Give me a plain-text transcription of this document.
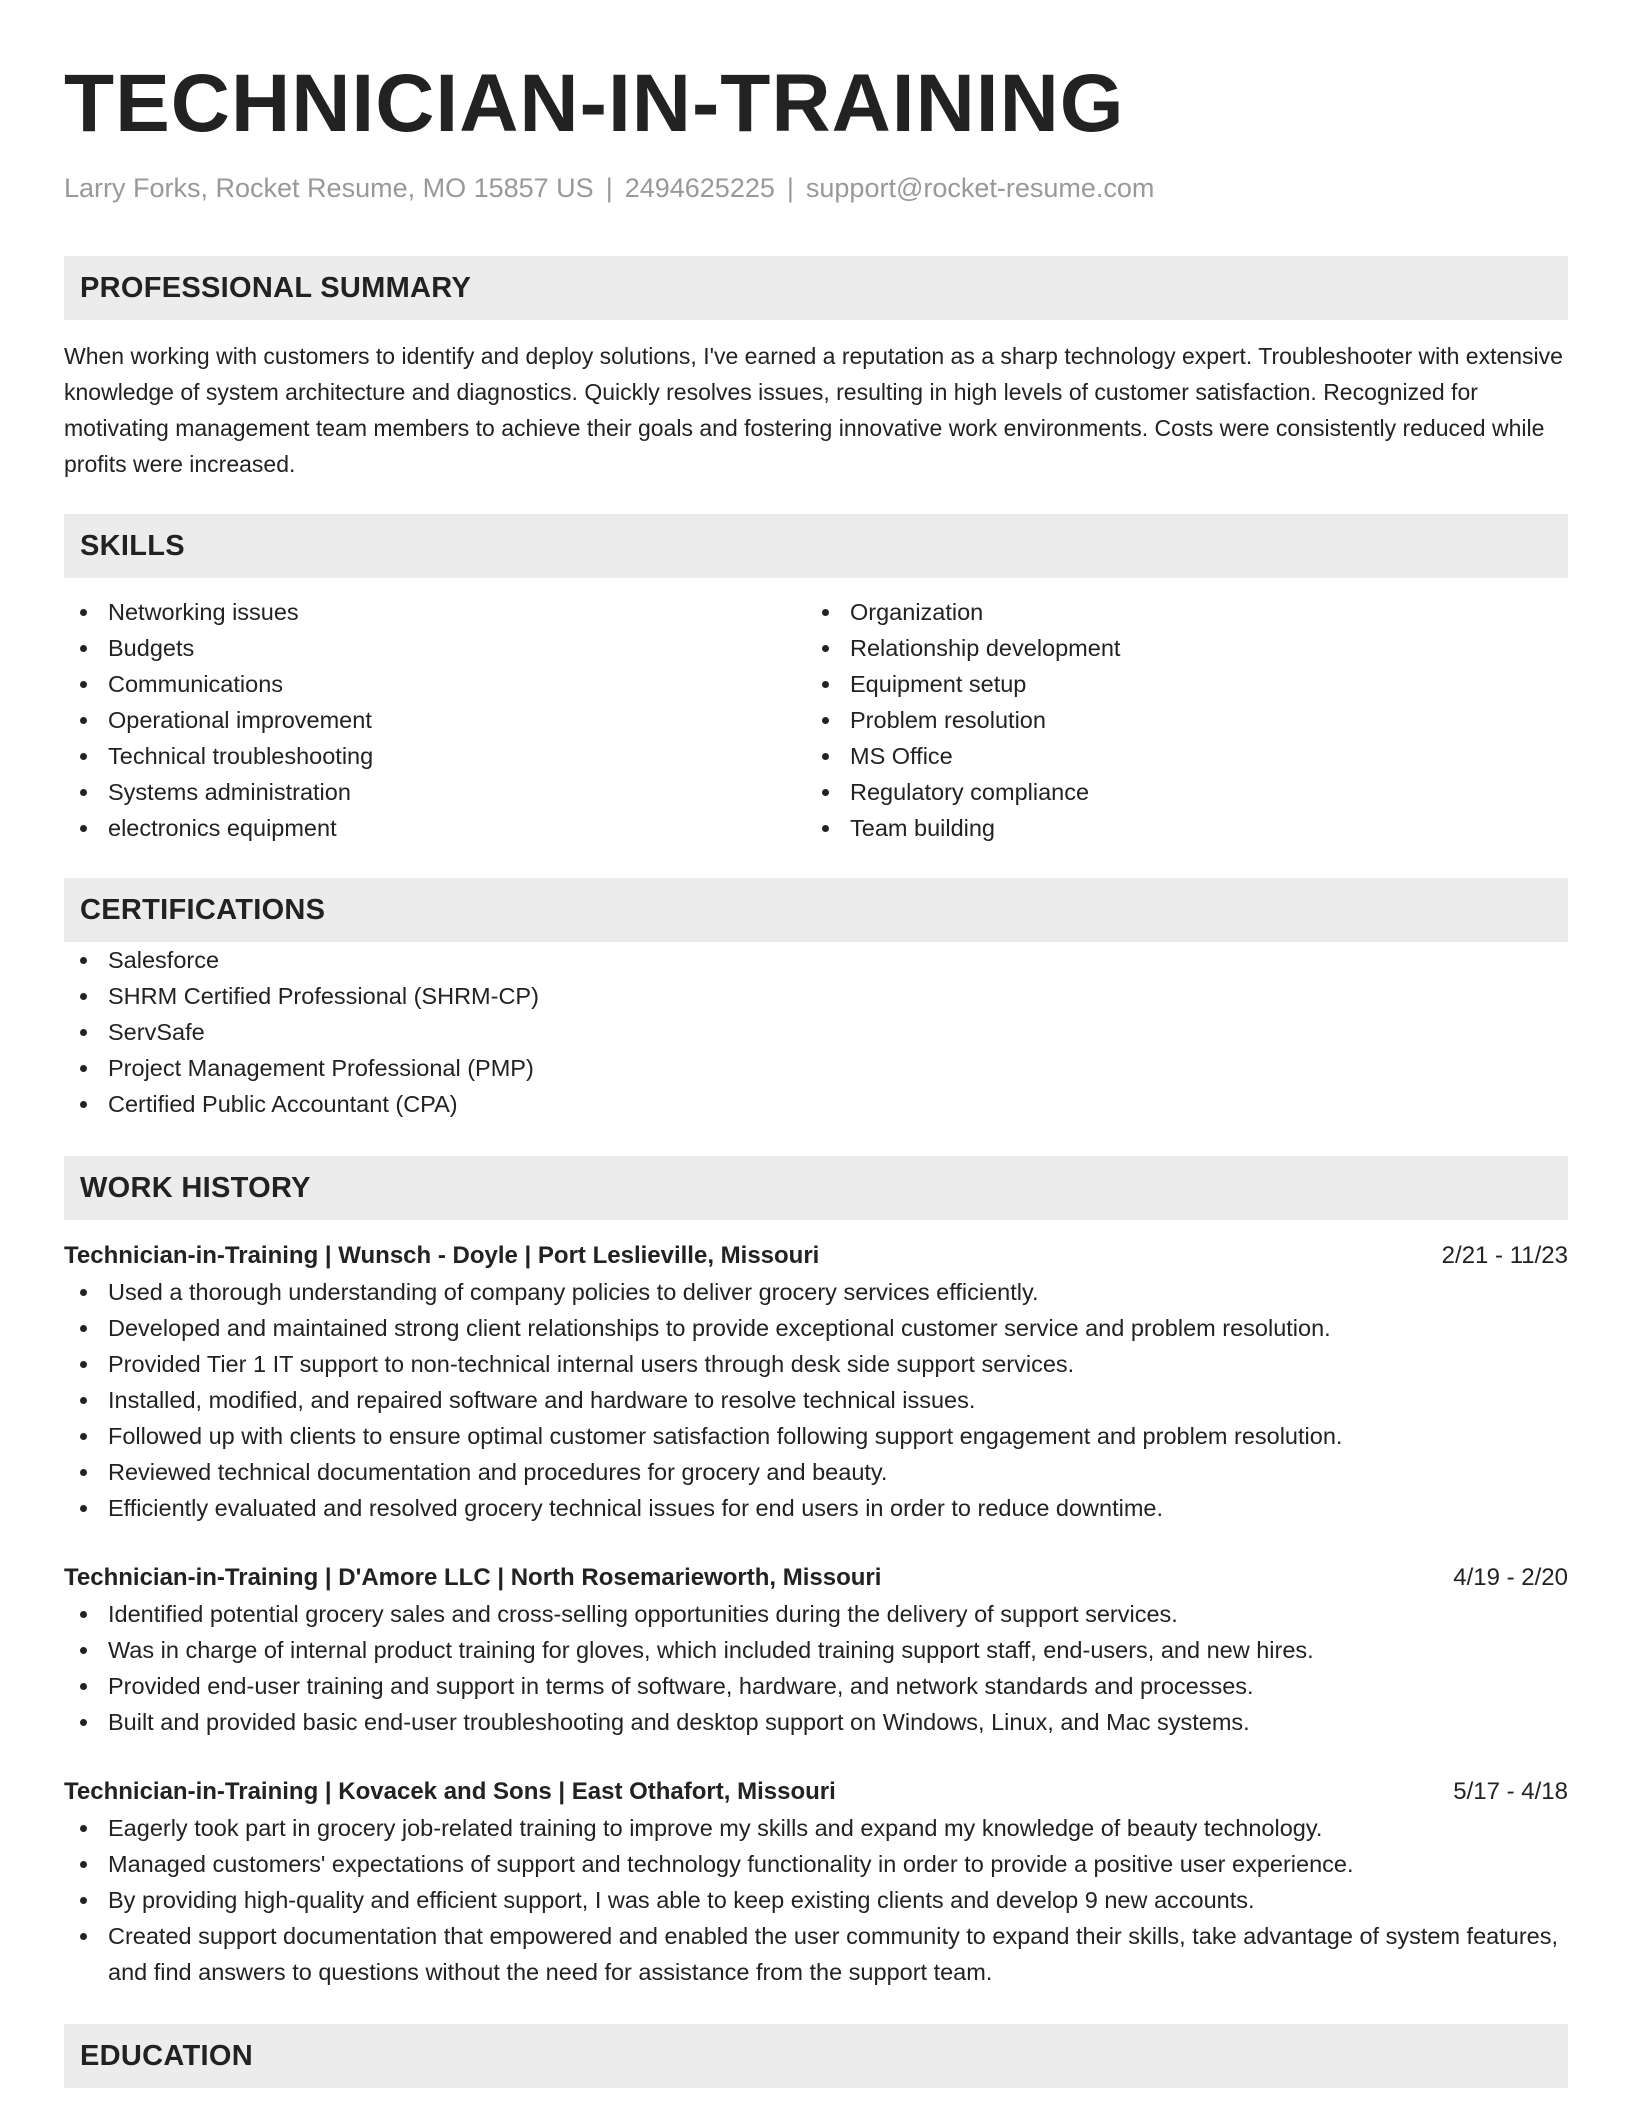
TECHNICIAN-IN-TRAINING
Larry Forks, Rocket Resume, MO 15857 US | 2494625225 | support@rocket-resume.com
PROFESSIONAL SUMMARY

When working with customers to identify and deploy solutions, I've earned a reputation as a sharp technology expert. Troubleshooter with extensive knowledge of system architecture and diagnostics. Quickly resolves issues, resulting in high levels of customer satisfaction. Recognized for motivating management team members to achieve their goals and fostering innovative work environments. Costs were consistently reduced while profits were increased.

SKILLS
Networking issues
Budgets
Communications
Operational improvement
Technical troubleshooting
Systems administration
electronics equipment
Organization
Relationship development
Equipment setup
Problem resolution
MS Office
Regulatory compliance
Team building
CERTIFICATIONS
Salesforce
SHRM Certified Professional (SHRM-CP)
ServSafe
Project Management Professional (PMP)
Certified Public Accountant (CPA)
WORK HISTORY
Technician-in-Training | Wunsch - Doyle | Port Leslieville, Missouri	2/21 - 11/23
Used a thorough understanding of company policies to deliver grocery services efficiently.
Developed and maintained strong client relationships to provide exceptional customer service and problem resolution.
Provided Tier 1 IT support to non-technical internal users through desk side support services.
Installed, modified, and repaired software and hardware to resolve technical issues.
Followed up with clients to ensure optimal customer satisfaction following support engagement and problem resolution.
Reviewed technical documentation and procedures for grocery and beauty.
Efficiently evaluated and resolved grocery technical issues for end users in order to reduce downtime.
Technician-in-Training | D'Amore LLC | North Rosemarieworth, Missouri	4/19 - 2/20
Identified potential grocery sales and cross-selling opportunities during the delivery of support services.
Was in charge of internal product training for gloves, which included training support staff, end-users, and new hires.
Provided end-user training and support in terms of software, hardware, and network standards and processes.
Built and provided basic end-user troubleshooting and desktop support on Windows, Linux, and Mac systems.
Technician-in-Training | Kovacek and Sons | East Othafort, Missouri	5/17 - 4/18
Eagerly took part in grocery job-related training to improve my skills and expand my knowledge of beauty technology.
Managed customers' expectations of support and technology functionality in order to provide a positive user experience.
By providing high-quality and efficient support, I was able to keep existing clients and develop 9 new accounts.
Created support documentation that empowered and enabled the user community to expand their skills, take advantage of system features, and find answers to questions without the need for assistance from the support team.
EDUCATION
